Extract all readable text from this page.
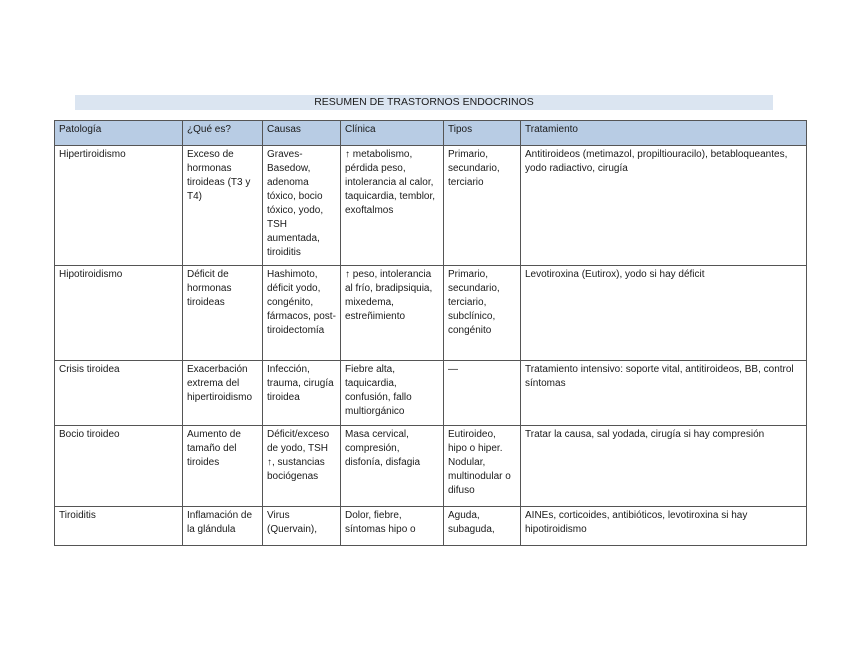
RESUMEN DE TRASTORNOS ENDOCRINOS
Patología	¿Qué es?	Causas	Clínica	Tipos	Tratamiento
Hipertiroidismo	Exceso de hormonas tiroideas (T3 y T4)	Graves-Basedow, adenoma tóxico, bocio tóxico, yodo, TSH aumentada, tiroiditis	↑ metabolismo, pérdida peso, intolerancia al calor, taquicardia, temblor, exoftalmos	Primario, secundario, terciario	Antitiroideos (metimazol, propiltiouracilo), betabloqueantes, yodo radiactivo, cirugía
Hipotiroidismo	Déficit de hormonas tiroideas	Hashimoto, déficit yodo, congénito, fármacos, post-tiroidectomía	↑ peso, intolerancia al frío, bradipsiquia, mixedema, estreñimiento	Primario, secundario, terciario, subclínico, congénito	Levotiroxina (Eutirox), yodo si hay déficit
Crisis tiroidea	Exacerbación extrema del hipertiroidismo	Infección, trauma, cirugía tiroidea	Fiebre alta, taquicardia, confusión, fallo multiorgánico	—	Tratamiento intensivo: soporte vital, antitiroideos, BB, control síntomas
Bocio tiroideo	Aumento de tamaño del tiroides	Déficit/exceso de yodo, TSH ↑, sustancias bociógenas	Masa cervical, compresión, disfonía, disfagia	Eutiroideo, hipo o hiper. Nodular, multinodular o difuso	Tratar la causa, sal yodada, cirugía si hay compresión
Tiroiditis	Inflamación de la glándula	Virus (Quervain),	Dolor, fiebre, síntomas hipo o	Aguda, subaguda,	AINEs, corticoides, antibióticos, levotiroxina si hay hipotiroidismo
